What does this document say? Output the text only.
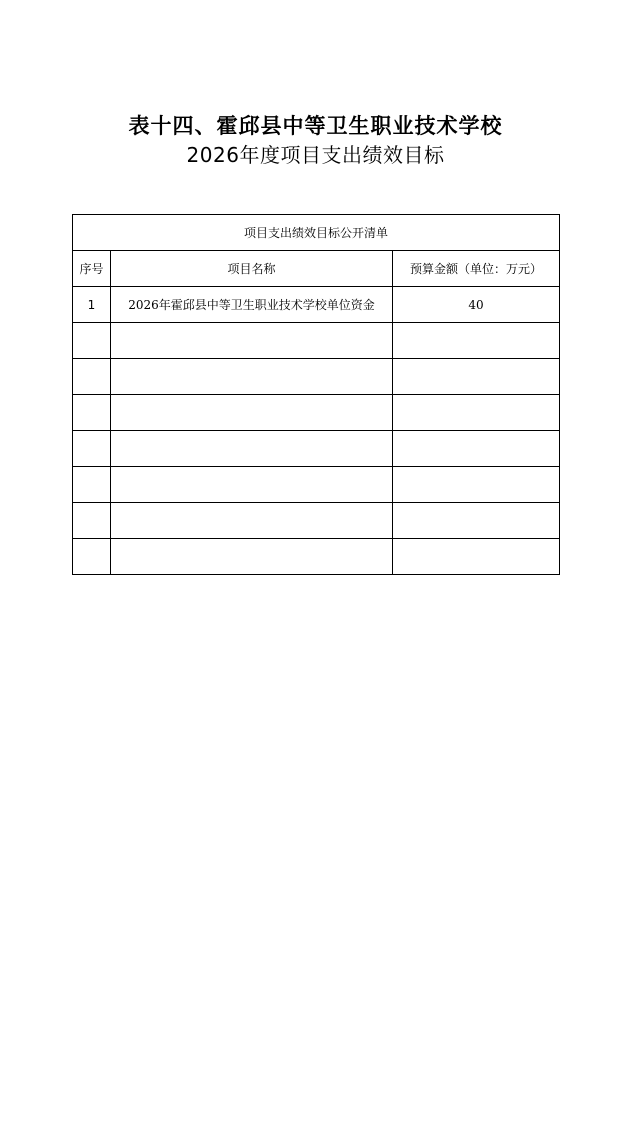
表十四、霍邱县中等卫生职业技术学校
2026年度项目支出绩效目标
项目支出绩效目标公开清单		
序号	项目名称	预算金额（单位：万元）
1	2026年霍邱县中等卫生职业技术学校单位资金	40
